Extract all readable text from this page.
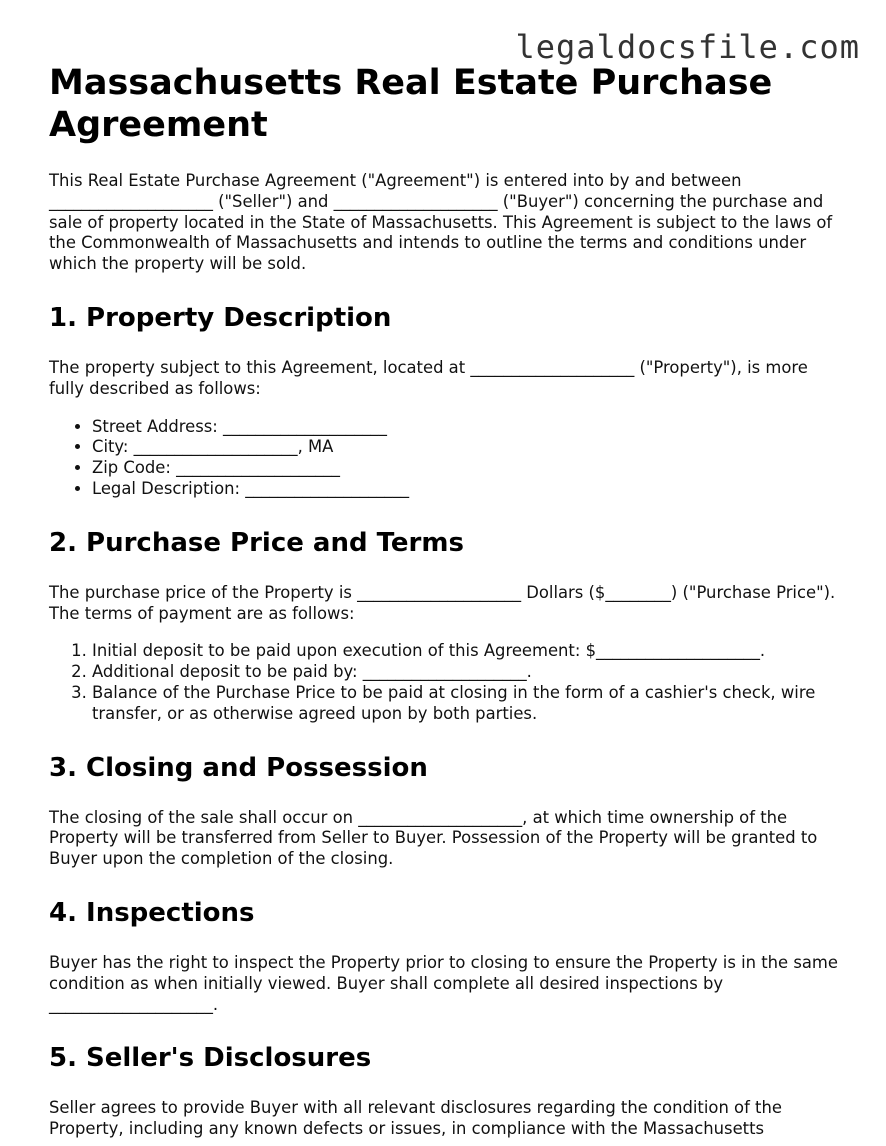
legaldocsfile.com
Massachusetts Real Estate Purchase Agreement

This Real Estate Purchase Agreement ("Agreement") is entered into by and between ____________________ ("Seller") and ____________________ ("Buyer") concerning the purchase and sale of property located in the State of Massachusetts. This Agreement is subject to the laws of the Commonwealth of Massachusetts and intends to outline the terms and conditions under which the property will be sold.

1. Property Description

The property subject to this Agreement, located at ____________________ ("Property"), is more fully described as follows:

• Street Address: ____________________
• City: ____________________, MA
• Zip Code: ____________________
• Legal Description: ____________________
2. Purchase Price and Terms

The purchase price of the Property is ____________________ Dollars ($________) ("Purchase Price"). The terms of payment are as follows:

1. Initial deposit to be paid upon execution of this Agreement: $____________________.
2. Additional deposit to be paid by: ____________________.
3. Balance of the Purchase Price to be paid at closing in the form of a cashier's check, wire transfer, or as otherwise agreed upon by both parties.
3. Closing and Possession

The closing of the sale shall occur on ____________________, at which time ownership of the Property will be transferred from Seller to Buyer. Possession of the Property will be granted to Buyer upon the completion of the closing.

4. Inspections

Buyer has the right to inspect the Property prior to closing to ensure the Property is in the same condition as when initially viewed. Buyer shall complete all desired inspections by ____________________.

5. Seller's Disclosures

Seller agrees to provide Buyer with all relevant disclosures regarding the condition of the Property, including any known defects or issues, in compliance with the Massachusetts
